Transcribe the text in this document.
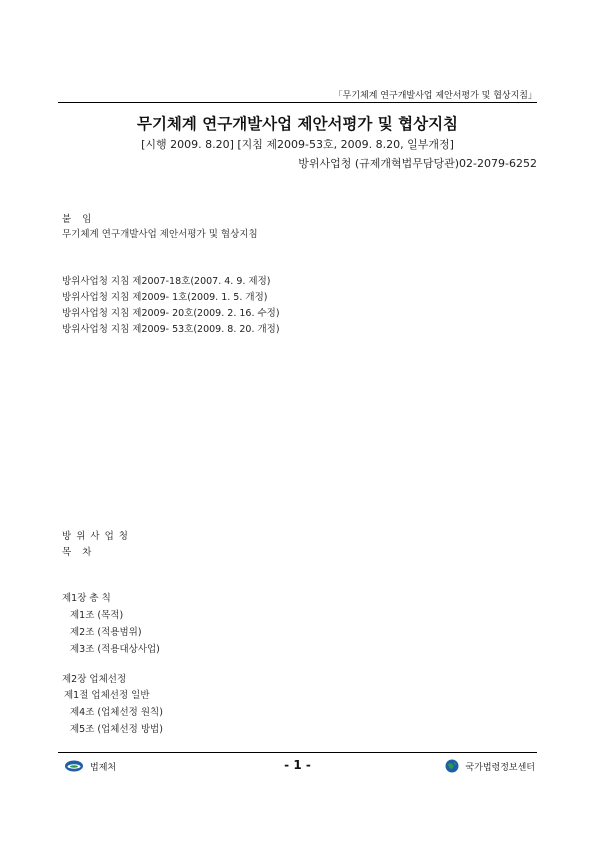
「무기체계 연구개발사업 제안서평가 및 협상지침」
무기체계 연구개발사업 제안서평가 및 협상지침
[시행 2009. 8.20] [지침 제2009-53호, 2009. 8.20, 일부개정]
방위사업청 (규제개혁법무담당관)02-2079-6252
붙 임
무기체계 연구개발사업 제안서평가 및 협상지침
방위사업청 지침 제2007-18호(2007. 4. 9. 제정)
방위사업청 지침 제2009- 1호(2009. 1. 5. 개정)
방위사업청 지침 제2009- 20호(2009. 2. 16. 수정)
방위사업청 지침 제2009- 53호(2009. 8. 20. 개정)
방 위 사 업 청
목 차
제1장 총 칙
제1조 (목적)
제2조 (적용범위)
제3조 (적용대상사업)
제2장 업체선정
제1절 업체선정 일반
제4조 (업체선정 원칙)
제5조 (업체선정 방법)
법제처	- 1 -	국가법령정보센터
